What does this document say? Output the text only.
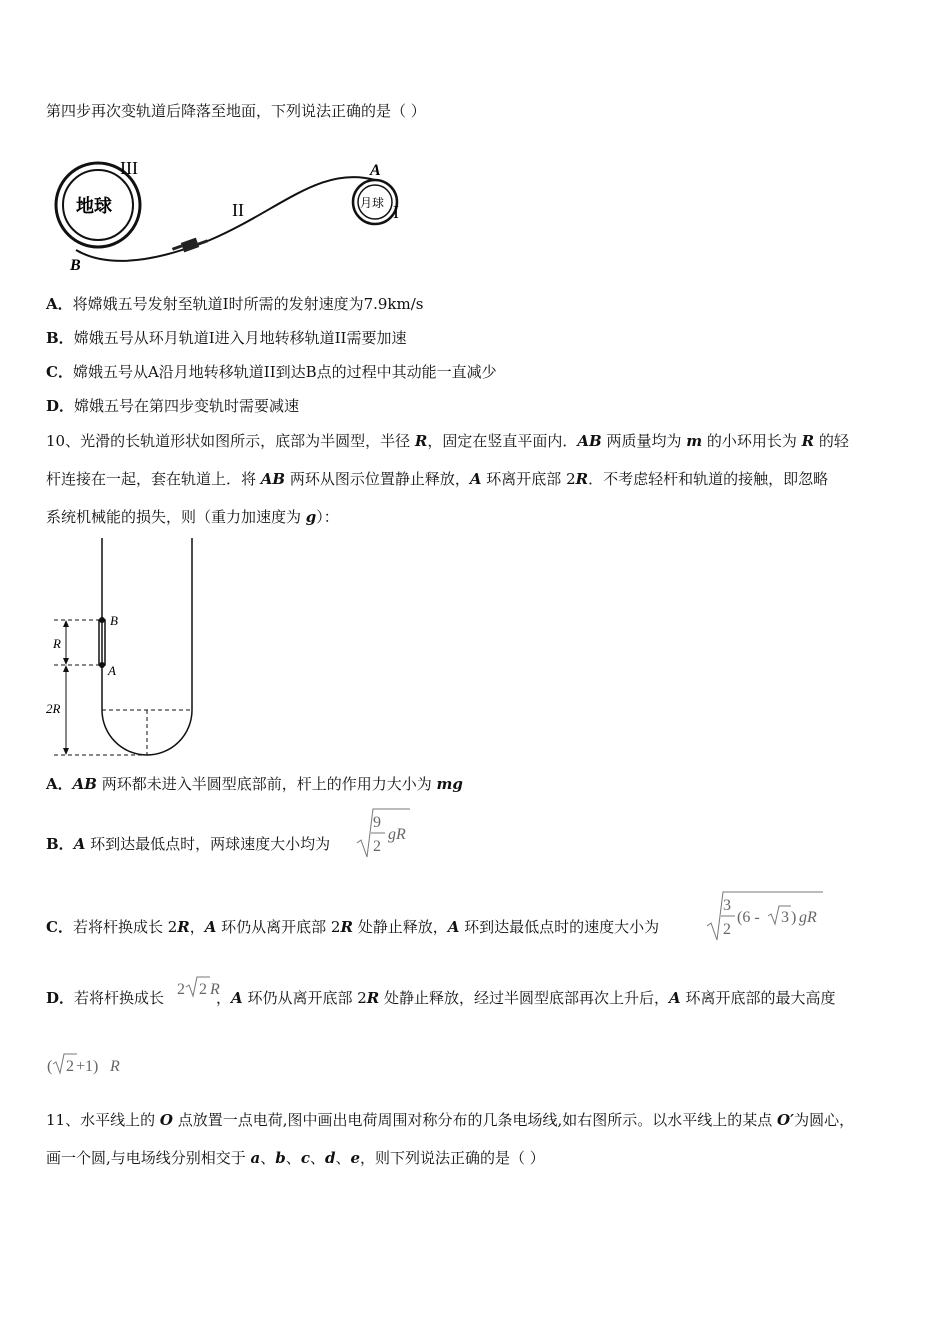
第四步再次变轨道后降落至地面，下列说法正确的是（ ）
地球
III
II	月球 I
A
B
A．将嫦娥五号发射至轨道I时所需的发射速度为7.9km/s
B．嫦娥五号从环月轨道I进入月地转移轨道II需要加速
C．嫦娥五号从A沿月地转移轨道II到达B点的过程中其动能一直减少
D．嫦娥五号在第四步变轨时需要减速
10、光滑的长轨道形状如图所示，底部为半圆型，半径 R，固定在竖直平面内．AB 两质量均为 m 的小环用长为 R 的轻
杆连接在一起，套在轨道上．将 AB 两环从图示位置静止释放，A 环离开底部 2R．不考虑轻杆和轨道的接触，即忽略
系统机械能的损失，则（重力加速度为 g）：
B
A
R
2R
A．AB 两环都未进入半圆型底部前，杆上的作用力大小为 mg
B．A 环到达最低点时，两球速度大小均为
9
2
gR
C．若将杆换成长 2R，A 环仍从离开底部 2R 处静止释放，A 环到达最低点时的速度大小为
3
2
(6 - 3 ) gR
D．若将杆换成长	，A 环仍从离开底部 2R 处静止释放，经过半圆型底部再次上升后，A 环离开底部的最大高度
2 2 R
( 2 +1) R
11、水平线上的 O 点放置一点电荷,图中画出电荷周围对称分布的几条电场线,如右图所示。以水平线上的某点 O′为圆心，
画一个圆,与电场线分别相交于 a、b、c、d、e，则下列说法正确的是（ ）
